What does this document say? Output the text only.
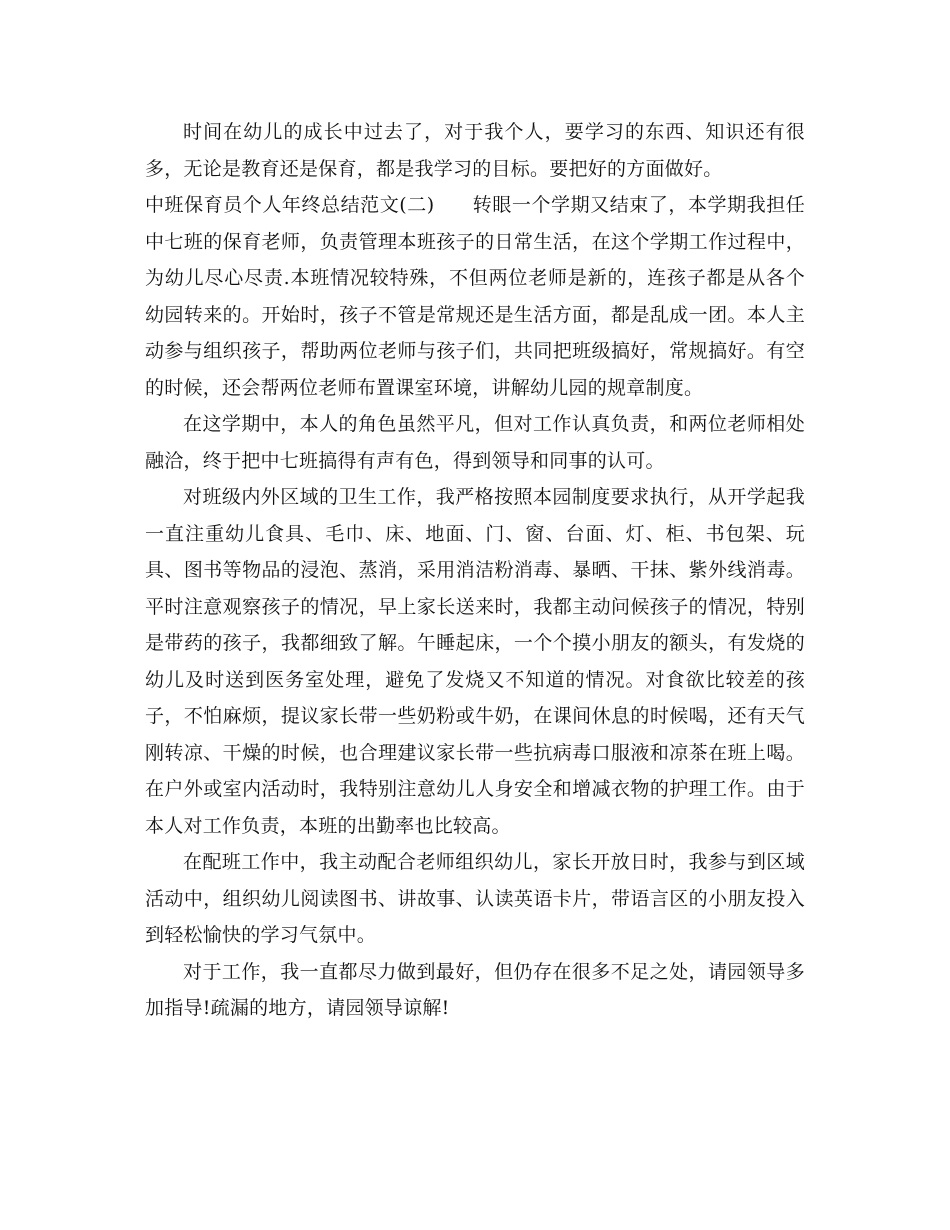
时间在幼儿的成长中过去了，对于我个人，要学习的东西、知识还有很多，无论是教育还是保育，都是我学习的目标。要把好的方面做好。

中班保育员个人年终总结范文(二) 转眼一个学期又结束了，本学期我担任中七班的保育老师，负责管理本班孩子的日常生活，在这个学期工作过程中，为幼儿尽心尽责.本班情况较特殊，不但两位老师是新的，连孩子都是从各个幼园转来的。开始时，孩子不管是常规还是生活方面，都是乱成一团。本人主动参与组织孩子，帮助两位老师与孩子们，共同把班级搞好，常规搞好。有空的时候，还会帮两位老师布置课室环境，讲解幼儿园的规章制度。

在这学期中，本人的角色虽然平凡，但对工作认真负责，和两位老师相处融洽，终于把中七班搞得有声有色，得到领导和同事的认可。

对班级内外区域的卫生工作，我严格按照本园制度要求执行，从开学起我一直注重幼儿食具、毛巾、床、地面、门、窗、台面、灯、柜、书包架、玩具、图书等物品的浸泡、蒸消，采用消洁粉消毒、暴晒、干抹、紫外线消毒。平时注意观察孩子的情况，早上家长送来时，我都主动问候孩子的情况，特别是带药的孩子，我都细致了解。午睡起床，一个个摸小朋友的额头，有发烧的幼儿及时送到医务室处理，避免了发烧又不知道的情况。对食欲比较差的孩子，不怕麻烦，提议家长带一些奶粉或牛奶，在课间休息的时候喝，还有天气刚转凉、干燥的时候，也合理建议家长带一些抗病毒口服液和凉茶在班上喝。在户外或室内活动时，我特别注意幼儿人身安全和增减衣物的护理工作。由于本人对工作负责，本班的出勤率也比较高。

在配班工作中，我主动配合老师组织幼儿，家长开放日时，我参与到区域活动中，组织幼儿阅读图书、讲故事、认读英语卡片，带语言区的小朋友投入到轻松愉快的学习气氛中。

对于工作，我一直都尽力做到最好，但仍存在很多不足之处，请园领导多加指导!疏漏的地方，请园领导谅解!
